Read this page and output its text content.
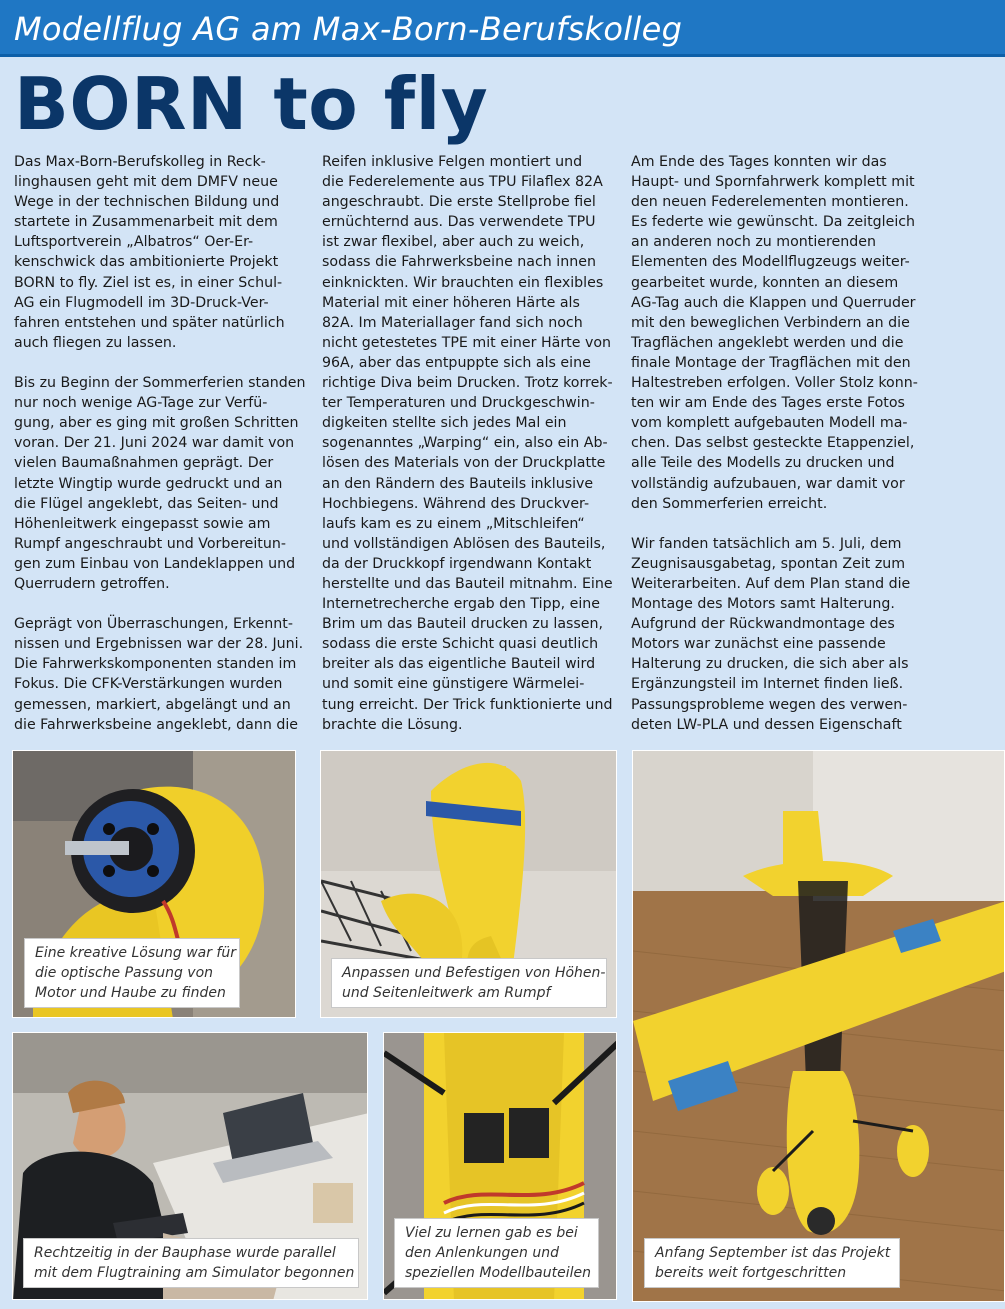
Modellflug AG am Max-Born-Berufskolleg
BORN to fly

Das Max-Born-Berufskolleg in Reck-
linghausen geht mit dem DMFV neue
Wege in der technischen Bildung und
startete in Zusammenarbeit mit dem
Luftsportverein „Albatros“ Oer-Er-
kenschwick das ambitionierte Projekt
BORN to fly. Ziel ist es, in einer Schul-
AG ein Flugmodell im 3D-Druck-Ver-
fahren entstehen und später natürlich
auch fliegen zu lassen.

Bis zu Beginn der Sommerferien standen
nur noch wenige AG-Tage zur Verfü-
gung, aber es ging mit großen Schritten
voran. Der 21. Juni 2024 war damit von
vielen Baumaßnahmen geprägt. Der
letzte Wingtip wurde gedruckt und an
die Flügel angeklebt, das Seiten- und
Höhenleitwerk eingepasst sowie am
Rumpf angeschraubt und Vorbereitun-
gen zum Einbau von Landeklappen und
Querrudern getroffen.

Geprägt von Überraschungen, Erkennt-
nissen und Ergebnissen war der 28. Juni.
Die Fahrwerkskomponenten standen im
Fokus. Die CFK-Verstärkungen wurden
gemessen, markiert, abgelängt und an
die Fahrwerksbeine angeklebt, dann die

Reifen inklusive Felgen montiert und
die Federelemente aus TPU Filaflex 82A
angeschraubt. Die erste Stellprobe fiel
ernüchternd aus. Das verwendete TPU
ist zwar flexibel, aber auch zu weich,
sodass die Fahrwerksbeine nach innen
einknickten. Wir brauchten ein flexibles
Material mit einer höheren Härte als
82A. Im Materiallager fand sich noch
nicht getestetes TPE mit einer Härte von
96A, aber das entpuppte sich als eine
richtige Diva beim Drucken. Trotz korrek-
ter Temperaturen und Druckgeschwin-
digkeiten stellte sich jedes Mal ein
sogenanntes „Warping“ ein, also ein Ab-
lösen des Materials von der Druckplatte
an den Rändern des Bauteils inklusive
Hochbiegens. Während des Druckver-
laufs kam es zu einem „Mitschleifen“
und vollständigen Ablösen des Bauteils,
da der Druckkopf irgendwann Kontakt
herstellte und das Bauteil mitnahm. Eine
Internetrecherche ergab den Tipp, eine
Brim um das Bauteil drucken zu lassen,
sodass die erste Schicht quasi deutlich
breiter als das eigentliche Bauteil wird
und somit eine günstigere Wärmelei-
tung erreicht. Der Trick funktionierte und
brachte die Lösung.

Am Ende des Tages konnten wir das
Haupt- und Spornfahrwerk komplett mit
den neuen Federelementen montieren.
Es federte wie gewünscht. Da zeitgleich
an anderen noch zu montierenden
Elementen des Modellflugzeugs weiter-
gearbeitet wurde, konnten an diesem
AG-Tag auch die Klappen und Querruder
mit den beweglichen Verbindern an die
Tragflächen angeklebt werden und die
finale Montage der Tragflächen mit den
Haltestreben erfolgen. Voller Stolz konn-
ten wir am Ende des Tages erste Fotos
vom komplett aufgebauten Modell ma-
chen. Das selbst gesteckte Etappenziel,
alle Teile des Modells zu drucken und
vollständig aufzubauen, war damit vor
den Sommerferien erreicht.

Wir fanden tatsächlich am 5. Juli, dem
Zeugnisausgabetag, spontan Zeit zum
Weiterarbeiten. Auf dem Plan stand die
Montage des Motors samt Halterung.
Aufgrund der Rückwandmontage des
Motors war zunächst eine passende
Halterung zu drucken, die sich aber als
Ergänzungsteil im Internet finden ließ.
Passungsprobleme wegen des verwen-
deten LW-PLA und dessen Eigenschaft

Eine kreative Lösung war für
die optische Passung von
Motor und Haube zu finden
Anpassen und Befestigen von Höhen-
und Seitenleitwerk am Rumpf
Anfang September ist das Projekt
bereits weit fortgeschritten
Rechtzeitig in der Bauphase wurde parallel
mit dem Flugtraining am Simulator begonnen
Viel zu lernen gab es bei
den Anlenkungen und
speziellen Modellbauteilen
